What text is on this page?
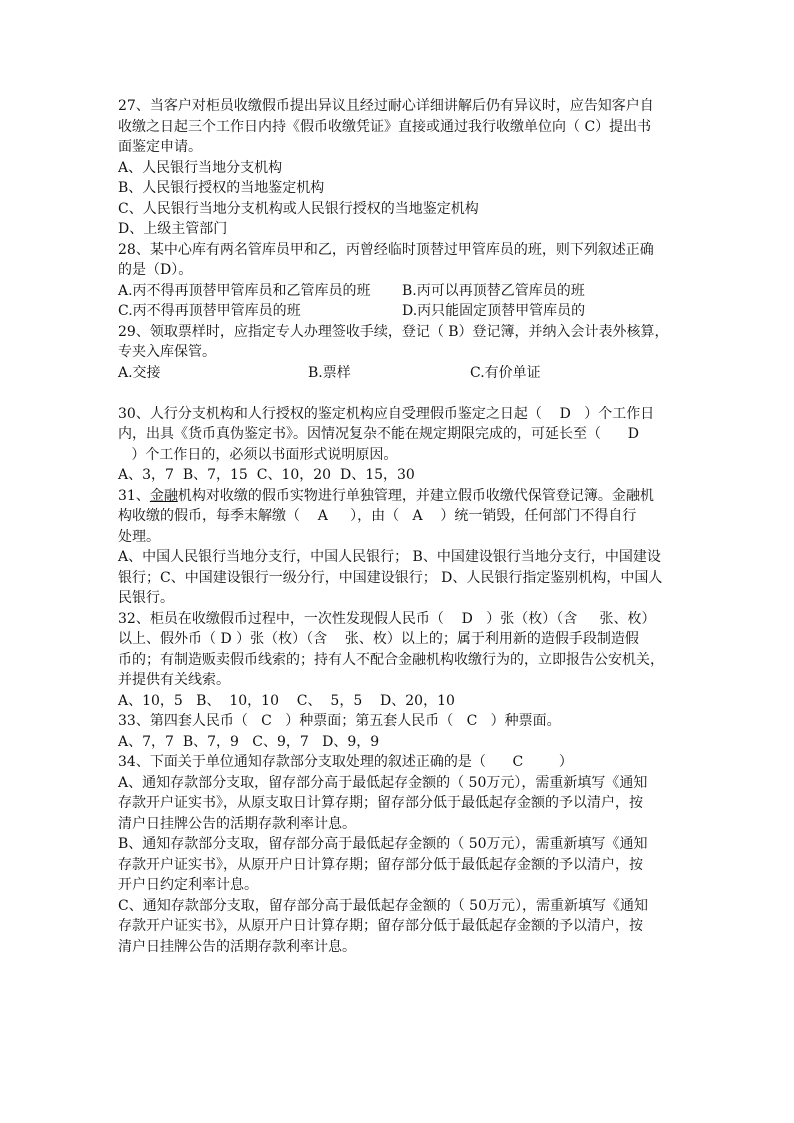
27、当客户对柜员收缴假币提出异议且经过耐心详细讲解后仍有异议时，应告知客户自
收缴之日起三个工作日内持《假币收缴凭证》直接或通过我行收缴单位向（ C）提出书
面鉴定申请。
A、人民银行当地分支机构
B、人民银行授权的当地鉴定机构
C、人民银行当地分支机构或人民银行授权的当地鉴定机构
D、上级主管部门
28、某中心库有两名管库员甲和乙，丙曾经临时顶替过甲管库员的班，则下列叙述正确
的是（D）。
A.丙不得再顶替甲管库员和乙管库员的班	B.丙可以再顶替乙管库员的班
C.丙不得再顶替甲管库员的班	D.丙只能固定顶替甲管库员的
29、领取票样时，应指定专人办理签收手续，登记（ B）登记簿，并纳入会计表外核算，
专夹入库保管。
A.交接	B.票样	C.有价单证
30、人行分支机构和人行授权的鉴定机构应自受理假币鉴定之日起（    D   ）个工作日
内，出具《货币真伪鉴定书》。因情况复杂不能在规定期限完成的，可延长至（      D
）个工作日的，必须以书面形式说明原因。
A、3，7  B、7，15  C、10，20  D、15，30
31、金融机构对收缴的假币实物进行单独管理，并建立假币收缴代保管登记簿。金融机
构收缴的假币，每季末解缴（    A     ），由（   A    ）统一销毁，任何部门不得自行
处理。
A、中国人民银行当地分支行，中国人民银行； B、中国建设银行当地分支行，中国建设
银行；C、中国建设银行一级分行，中国建设银行； D、人民银行指定鉴别机构，中国人
民银行。
32、柜员在收缴假币过程中，一次性发现假人民币（    D   ）张（枚）（含     张、枚）
以上、假外币（ D ）张（枚）（含    张、枚）以上的；属于利用新的造假手段制造假
币的；有制造贩卖假币线索的；持有人不配合金融机构收缴行为的，立即报告公安机关，
并提供有关线索。
A、10，5   B、  10，10    C、  5，5    D、20，10
33、第四套人民币（   C   ）种票面；第五套人民币（   C   ）种票面。
A、7，7  B、7，9   C、9，7   D、9，9
34、下面关于单位通知存款部分支取处理的叙述正确的是（      C        ）
A、通知存款部分支取，留存部分高于最低起存金额的（ 50万元），需重新填写《通知
存款开户证实书》，从原支取日计算存期；留存部分低于最低起存金额的予以清户，按
清户日挂牌公告的活期存款利率计息。
B、通知存款部分支取，留存部分高于最低起存金额的（ 50万元），需重新填写《通知
存款开户证实书》，从原开户日计算存期；留存部分低于最低起存金额的予以清户，按
开户日约定利率计息。
C、通知存款部分支取，留存部分高于最低起存金额的（ 50万元），需重新填写《通知
存款开户证实书》，从原开户日计算存期；留存部分低于最低起存金额的予以清户，按
清户日挂牌公告的活期存款利率计息。
